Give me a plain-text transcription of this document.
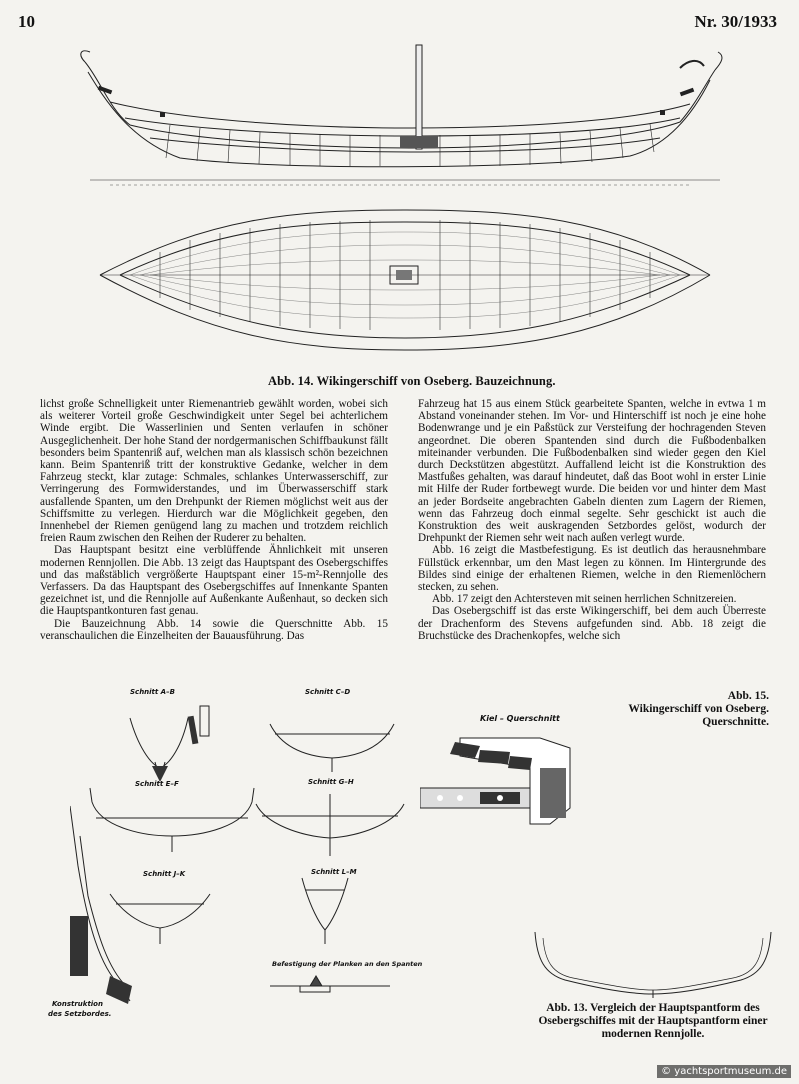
10	Nr. 30/1933
Abb. 14. Wikingerschiff von Oseberg. Bauzeichnung.

lichst große Schnelligkeit unter Riemenantrieb gewählt worden, wobei sich als weiterer Vorteil große Geschwindigkeit unter Segel bei achterlichem Winde ergibt. Die Wasserlinien und Senten verlaufen in schöner Ausgeglichenheit. Der hohe Stand der nordgermanischen Schiffbaukunst fällt besonders beim Spantenriß auf, welchen man als klassisch schön bezeichnen kann. Beim Spantenriß tritt der konstruktive Gedanke, welcher in dem Fahrzeug steckt, klar zutage: Schmales, schlankes Unterwasserschiff, zur Verringerung des Formwiderstandes, und im Überwasserschiff stark ausfallende Spanten, um den Drehpunkt der Riemen möglichst weit aus der Schiffsmitte zu verlegen. Hierdurch war die Möglichkeit gegeben, den Innenhebel der Riemen genügend lang zu machen und trotzdem reichlich freien Raum zwischen den Reihen der Ruderer zu behalten.

Das Hauptspant besitzt eine verblüffende Ähnlichkeit mit unseren modernen Rennjollen. Die Abb. 13 zeigt das Hauptspant des Osebergschiffes und das maßstäblich vergrößerte Hauptspant einer 15-m²-Rennjolle des Verfassers. Da das Hauptspant des Osebergschiffes auf Innenkante Spanten gezeichnet ist, und die Rennjolle auf Außenkante Außenhaut, so decken sich die Hauptspantkonturen fast genau.

Die Bauzeichnung Abb. 14 sowie die Querschnitte Abb. 15 veranschaulichen die Einzelheiten der Bauausführung. Das

Fahrzeug hat 15 aus einem Stück gearbeitete Spanten, welche in evtwa 1 m Abstand voneinander stehen. Im Vor- und Hinterschiff ist noch je eine hohe Bodenwrange und je ein Paßstück zur Versteifung der hochragenden Steven angeordnet. Die oberen Spantenden sind durch die Fußbodenbalken miteinander verbunden. Die Fußbodenbalken sind wieder gegen den Kiel durch Deckstützen abgestützt. Auffallend leicht ist die Konstruktion des Mastfußes gehalten, was darauf hindeutet, daß das Boot wohl in erster Linie mit Hilfe der Ruder fortbewegt wurde. Die beiden vor und hinter dem Mast an jeder Bordseite angebrachten Gabeln dienten zum Lagern der Riemen, wenn das Fahrzeug doch einmal segelte. Sehr geschickt ist auch die Konstruktion des weit auskragenden Setzbordes gelöst, wodurch der Drehpunkt der Riemen sehr weit nach außen verlegt wurde.

Abb. 16 zeigt die Mastbefestigung. Es ist deutlich das herausnehmbare Füllstück erkennbar, um den Mast legen zu können. Im Hintergrunde des Bildes sind einige der erhaltenen Riemen, welche in den Riemenlöchern stecken, zu sehen.

Abb. 17 zeigt den Achtersteven mit seinen herrlichen Schnitzereien.

Das Osebergschiff ist das erste Wikingerschiff, bei dem auch Überreste der Drachenform des Stevens aufgefunden sind. Abb. 18 zeigt die Bruchstücke des Drachenkopfes, welche sich

Abb. 15.
Wikingerschiff von Oseberg.
Querschnitte.
Schnitt A–B	Schnitt C–D
Schnitt E–F	Schnitt G–H
Schnitt J–K	Schnitt L–M
Befestigung der Planken an den Spanten
Konstruktion
des Setzbordes.
Kiel – Querschnitt
Abb. 13. Vergleich der Hauptspantform des
Osebergschiffes mit der Hauptspantform einer
modernen Rennjolle.
© yachtsportmuseum.de
